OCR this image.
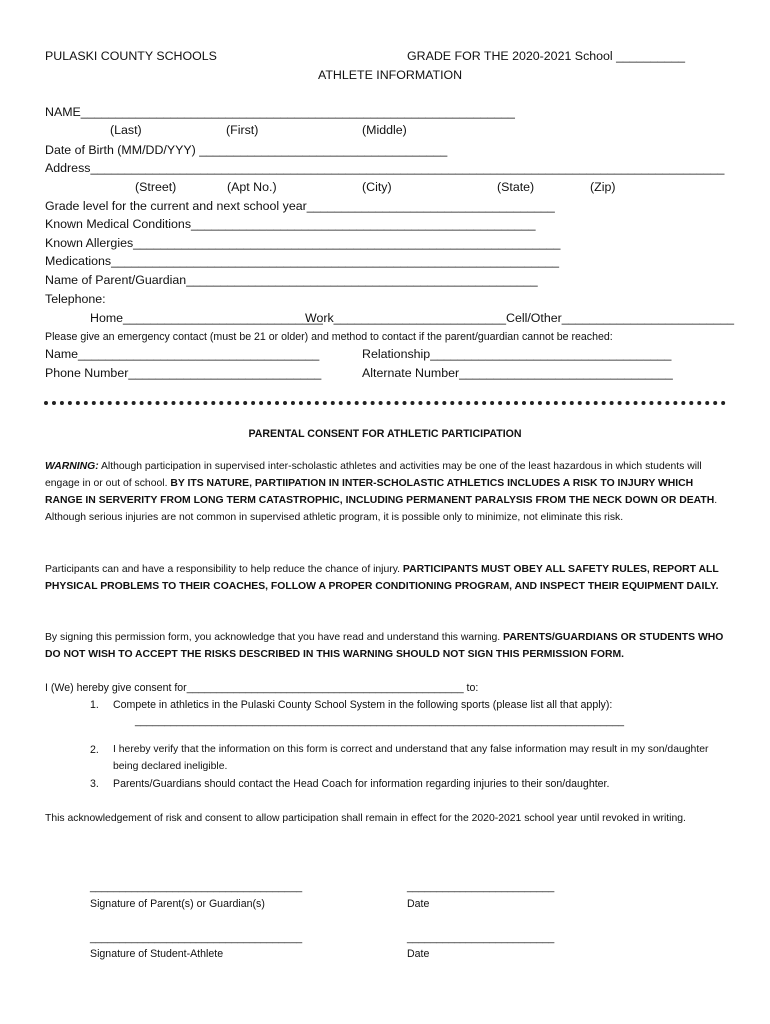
PULASKI COUNTY SCHOOLS	GRADE FOR THE 2020-2021 School __________
ATHLETE INFORMATION
NAME_______________________________________________________________
(Last)	(First)	(Middle)
Date of Birth (MM/DD/YYY) ____________________________________
Address____________________________________________________________________________________________
(Street)	(Apt No.)	(City)	(State)	(Zip)
Grade level for the current and next school year____________________________________
Known Medical Conditions__________________________________________________
Known Allergies______________________________________________________________
Medications_________________________________________________________________
Name of Parent/Guardian___________________________________________________
Telephone:
Home_____________________________
Work_________________________ Cell/Other_________________________
Please give an emergency contact (must be 21 or older) and method to contact if the parent/guardian cannot be reached:
Name___________________________________	Relationship___________________________________
Phone Number____________________________	Alternate Number_______________________________
PARENTAL CONSENT FOR ATHLETIC PARTICIPATION
WARNING: Although participation in supervised inter-scholastic athletes and activities may be one of the least hazardous in which students will engage in or out of school. BY ITS NATURE, PARTIIPATION IN INTER-SCHOLASTIC ATHLETICS INCLUDES A RISK TO INJURY WHICH RANGE IN SERVERITY FROM LONG TERM CATASTROPHIC, INCLUDING PERMANENT PARALYSIS FROM THE NECK DOWN OR DEATH. Although serious injuries are not common in supervised athletic program, it is possible only to minimize, not eliminate this risk.
Participants can and have a responsibility to help reduce the chance of injury. PARTICIPANTS MUST OBEY ALL SAFETY RULES, REPORT ALL PHYSICAL PROBLEMS TO THEIR COACHES, FOLLOW A PROPER CONDITIONING PROGRAM, AND INSPECT THEIR EQUIPMENT DAILY.
By signing this permission form, you acknowledge that you have read and understand this warning. PARENTS/GUARDIANS OR STUDENTS WHO DO NOT WISH TO ACCEPT THE RISKS DESCRIBED IN THIS WARNING SHOULD NOT SIGN THIS PERMISSION FORM.
I (We) hereby give consent for_______________________________________________ to:
1. Compete in athletics in the Pulaski County School System in the following sports (please list all that apply):
___________________________________________________________________________________
2. I hereby verify that the information on this form is correct and understand that any false information may result in my son/daughter being declared ineligible.
3. Parents/Guardians should contact the Head Coach for information regarding injuries to their son/daughter.
This acknowledgement of risk and consent to allow participation shall remain in effect for the 2020-2021 school year until revoked in writing.
____________________________________	_________________________
Signature of Parent(s) or Guardian(s)	Date
____________________________________	_________________________
Signature of Student-Athlete	Date
